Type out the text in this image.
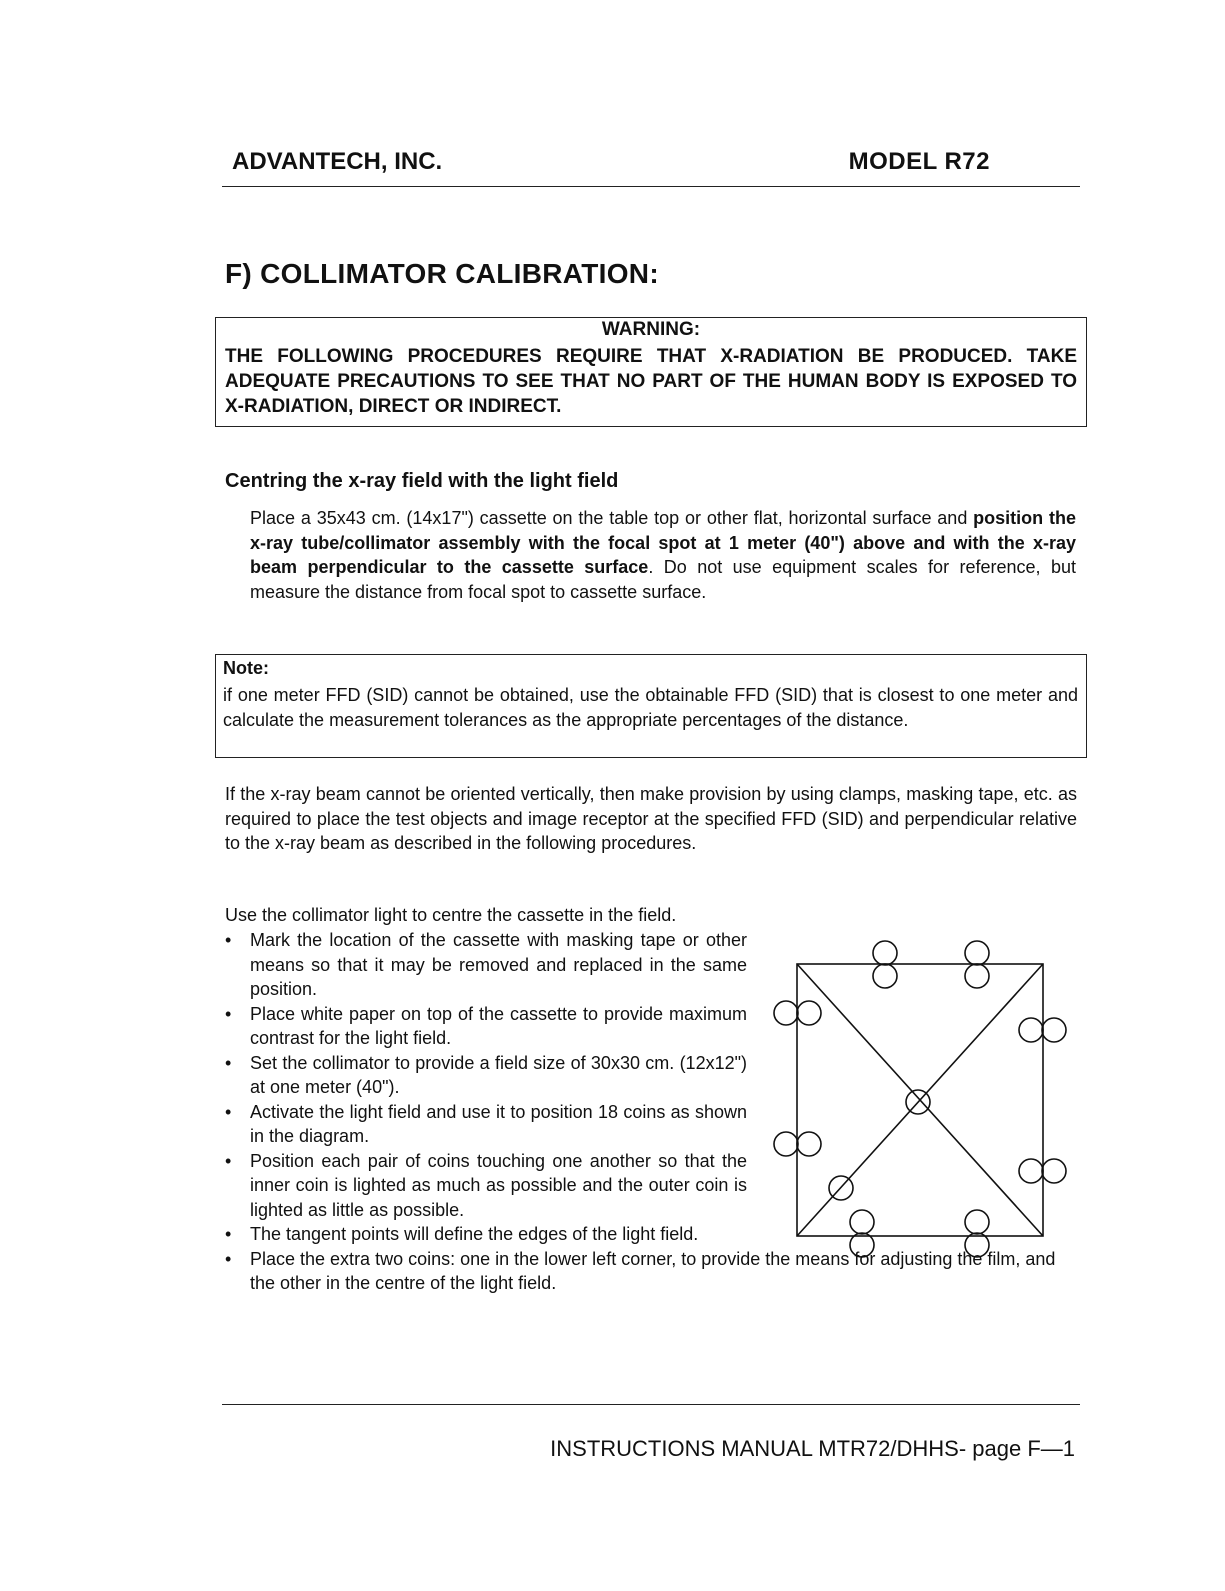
ADVANTECH, INC.	MODEL R72
F) COLLIMATOR CALIBRATION:
WARNING:
THE FOLLOWING PROCEDURES REQUIRE THAT X-RADIATION BE PRODUCED. TAKE ADEQUATE PRECAUTIONS TO SEE THAT NO PART OF THE HUMAN BODY IS EXPOSED TO X-RADIATION, DIRECT OR INDIRECT.
Centring the x-ray field with the light field
Place a 35x43 cm. (14x17") cassette on the table top or other flat, horizontal surface and position the x-ray tube/collimator assembly with the focal spot at 1 meter (40") above and with the x-ray beam perpendicular to the cassette surface. Do not use equipment scales for reference, but measure the distance from focal spot to cassette surface.
Note:
if one meter FFD (SID) cannot be obtained, use the obtainable FFD (SID) that is closest to one meter and calculate the measurement tolerances as the appropriate percentages of the distance.
If the x-ray beam cannot be oriented vertically, then make provision by using clamps, masking tape, etc. as required to place the test objects and image receptor at the specified FFD (SID) and perpendicular relative to the x-ray beam as described in the following procedures.
Use the collimator light to centre the cassette in the field.
• Mark the location of the cassette with masking tape or other means so that it may be removed and replaced in the same position.
• Place white paper on top of the cassette to provide maximum contrast for the light field.
• Set the collimator to provide a field size of 30x30 cm. (12x12") at one meter (40").
• Activate the light field and use it to position 18 coins as shown in the diagram.
• Position each pair of coins touching one another so that the inner coin is lighted as much as possible and the outer coin is lighted as little as possible.
• The tangent points will define the edges of the light field.
• Place the extra two coins: one in the lower left corner, to provide the means for adjusting the film, and the other in the centre of the light field.
INSTRUCTIONS MANUAL MTR72/DHHS- page F—1
